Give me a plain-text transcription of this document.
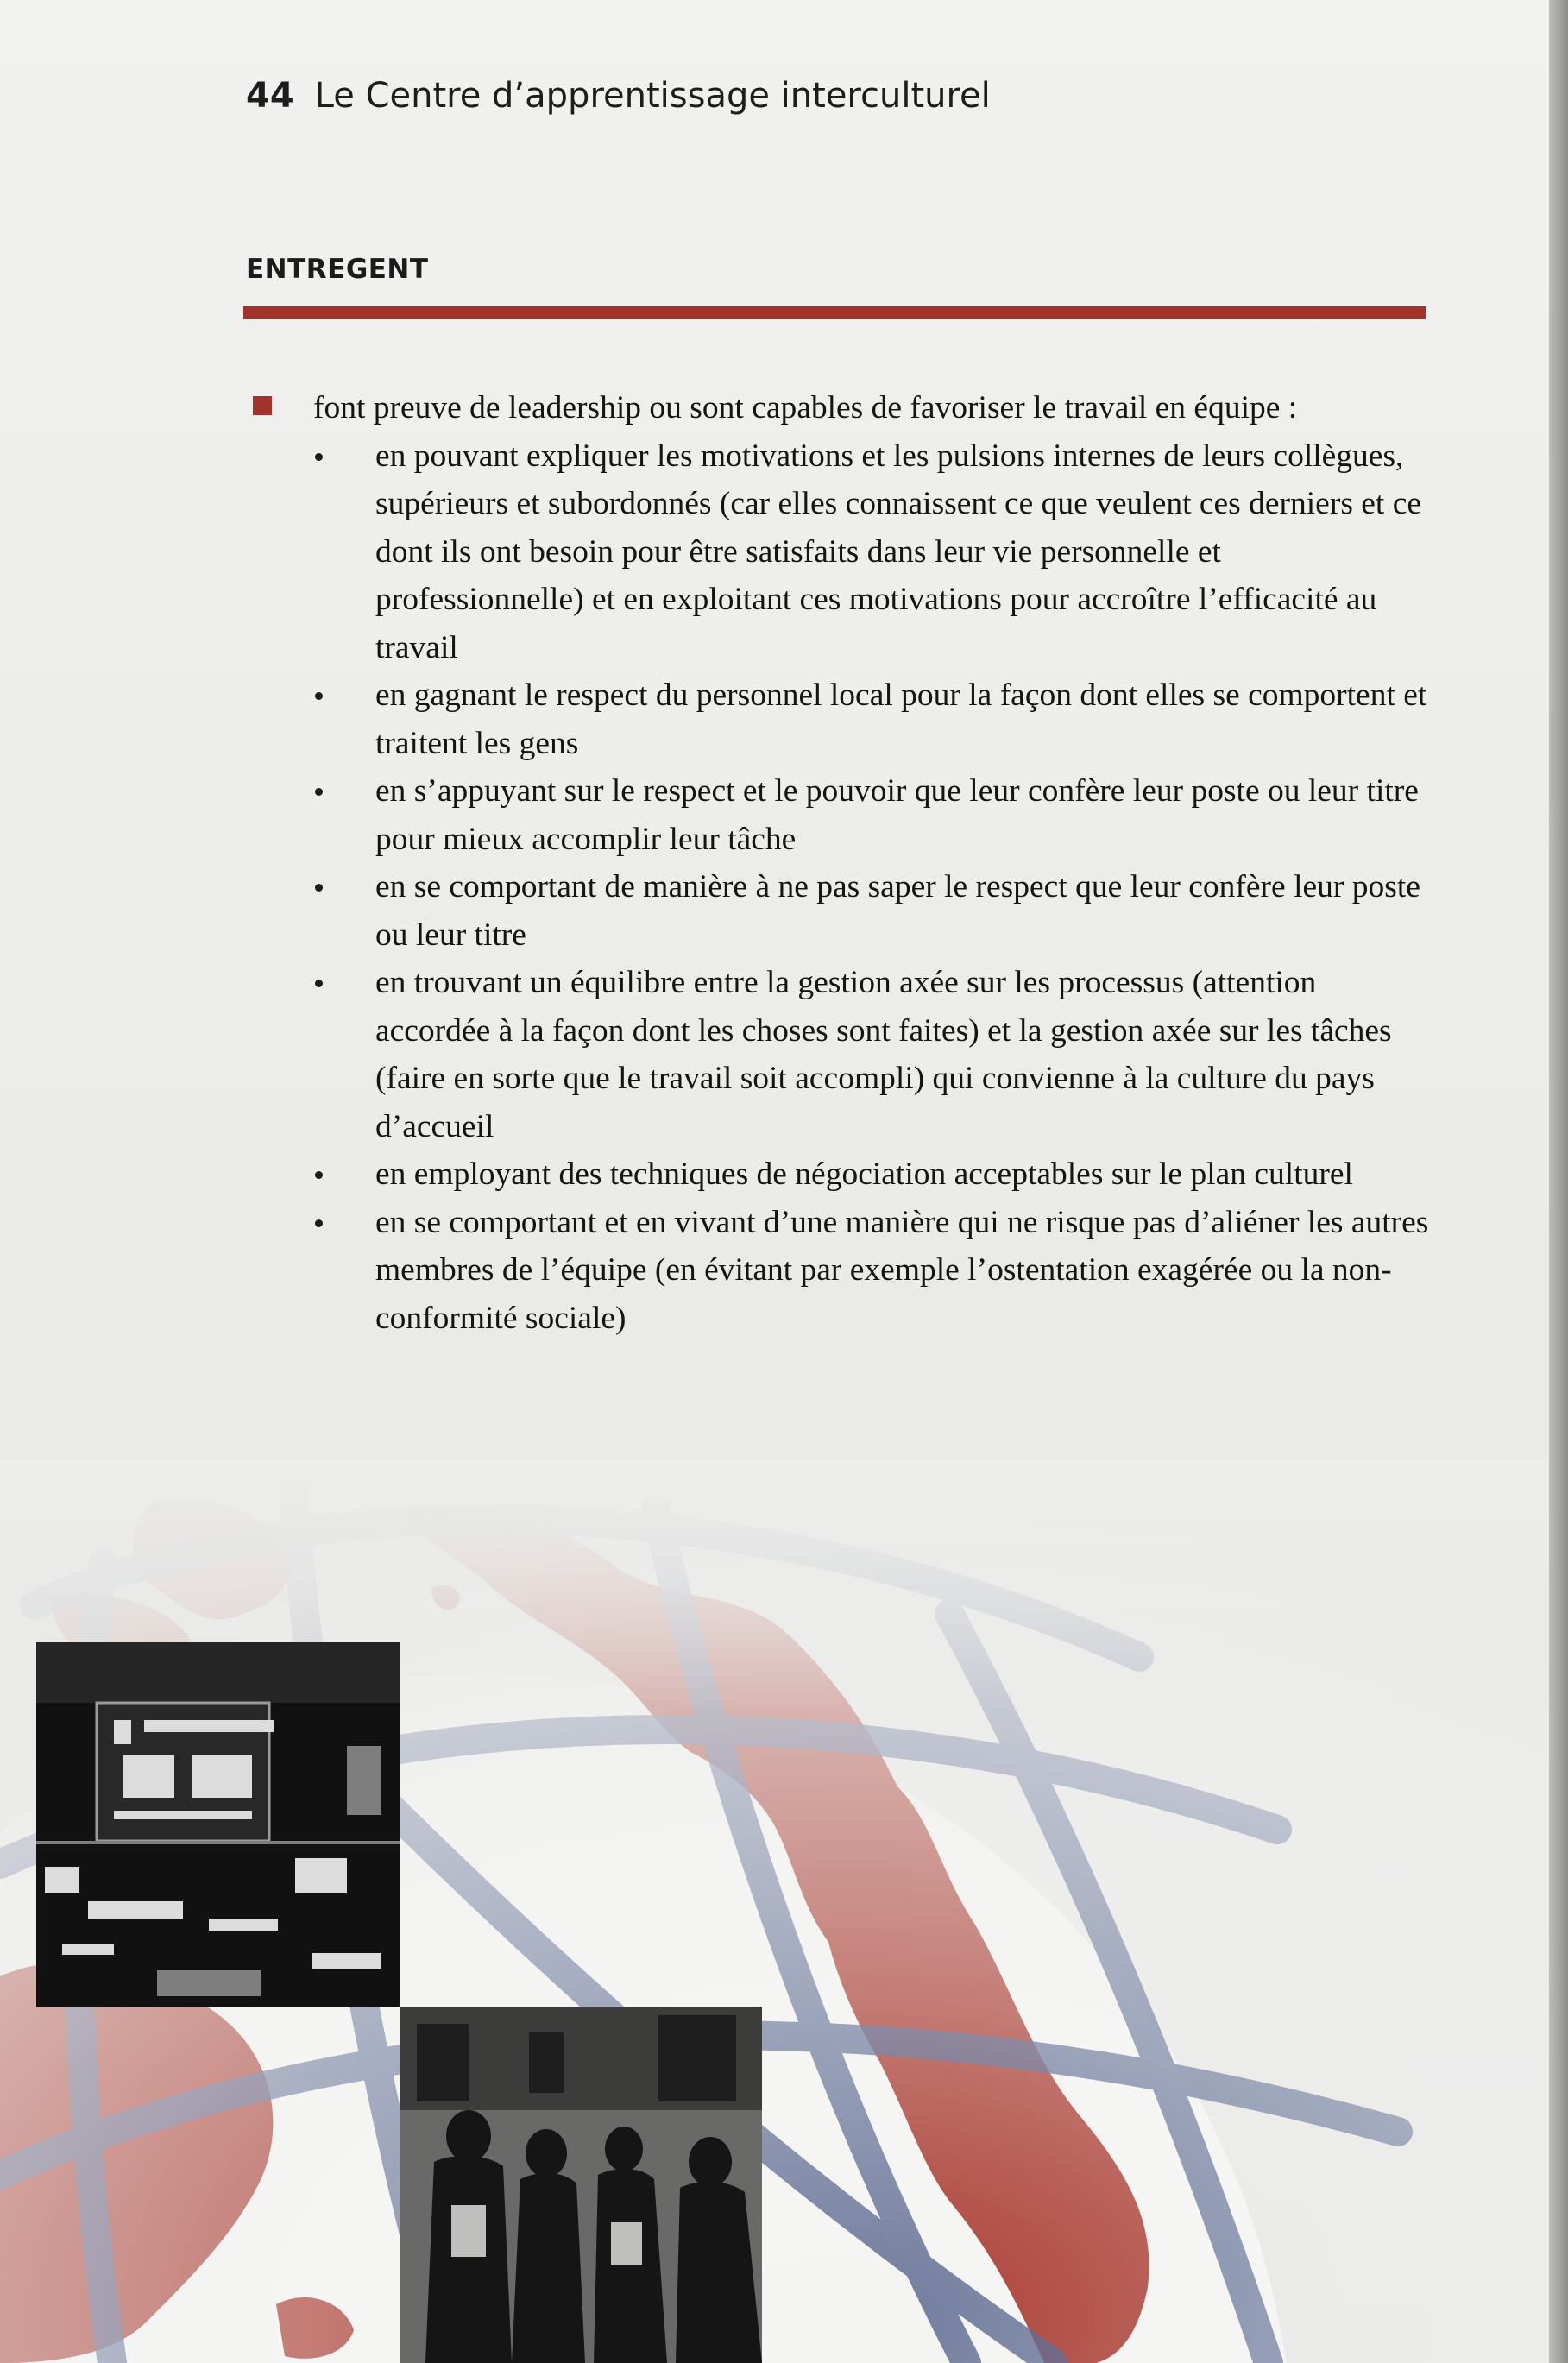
44 Le Centre d’apprentissage interculturel
ENTREGENT
font preuve de leadership ou sont capables de favoriser le travail en équipe :
en pouvant expliquer les motivations et les pulsions internes de leurs collègues, supérieurs et subordonnés (car elles connaissent ce que veulent ces derniers et ce dont ils ont besoin pour être satisfaits dans leur vie personnelle et professionnelle) et en exploitant ces motivations pour accroître l’efficacité au travail
en gagnant le respect du personnel local pour la façon dont elles se comportent et traitent les gens
en s’appuyant sur le respect et le pouvoir que leur confère leur poste ou leur titre pour mieux accomplir leur tâche
en se comportant de manière à ne pas saper le respect que leur confère leur poste ou leur titre
en trouvant un équilibre entre la gestion axée sur les processus (attention accordée à la façon dont les choses sont faites) et la gestion axée sur les tâches (faire en sorte que le travail soit accompli) qui convienne à la culture du pays d’accueil
en employant des techniques de négociation acceptables sur le plan culturel
en se comportant et en vivant d’une manière qui ne risque pas d’aliéner les autres membres de l’équipe (en évitant par exemple l’ostentation exagérée ou la non-conformité sociale)
